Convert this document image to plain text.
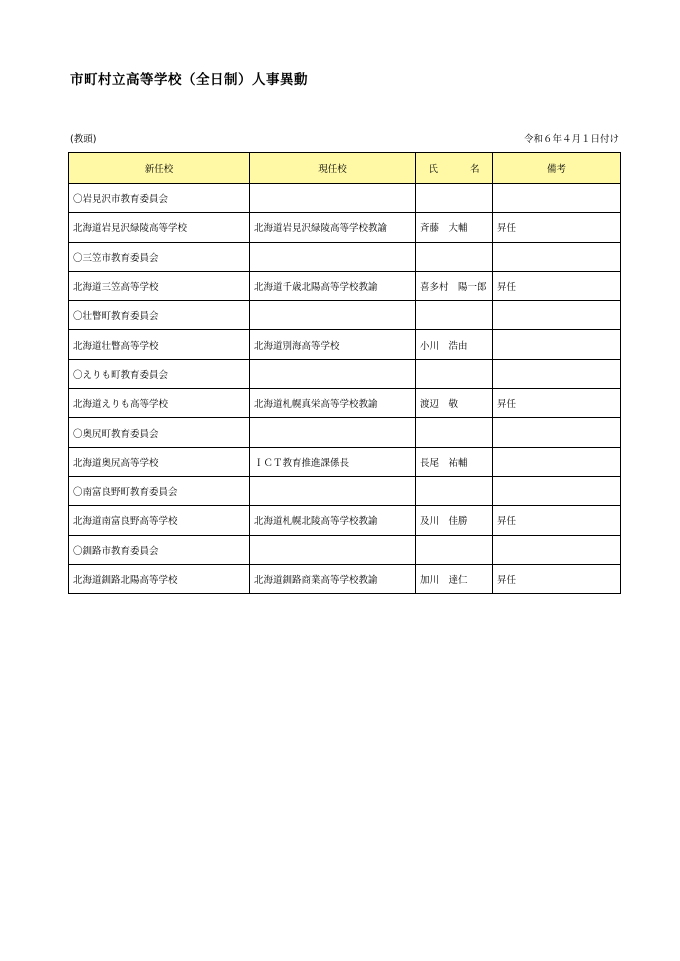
市町村立高等学校（全日制）人事異動
(教頭)	令和６年４月１日付け
新任校	現任校	氏 名	備考
〇岩見沢市教育委員会			
北海道岩見沢緑陵高等学校	北海道岩見沢緑陵高等学校教諭	斉藤　大輔	昇任
〇三笠市教育委員会			
北海道三笠高等学校	北海道千歳北陽高等学校教諭	喜多村　陽一郎	昇任
〇壮瞥町教育委員会			
北海道壮瞥高等学校	北海道別海高等学校	小川　浩由	
〇えりも町教育委員会			
北海道えりも高等学校	北海道札幌真栄高等学校教諭	渡辺　敬	昇任
〇奥尻町教育委員会			
北海道奥尻高等学校	ＩＣＴ教育推進課係長	長尾　祐輔	
〇南富良野町教育委員会			
北海道南富良野高等学校	北海道札幌北陵高等学校教諭	及川　佳勝	昇任
〇釧路市教育委員会			
北海道釧路北陽高等学校	北海道釧路商業高等学校教諭	加川　達仁	昇任
